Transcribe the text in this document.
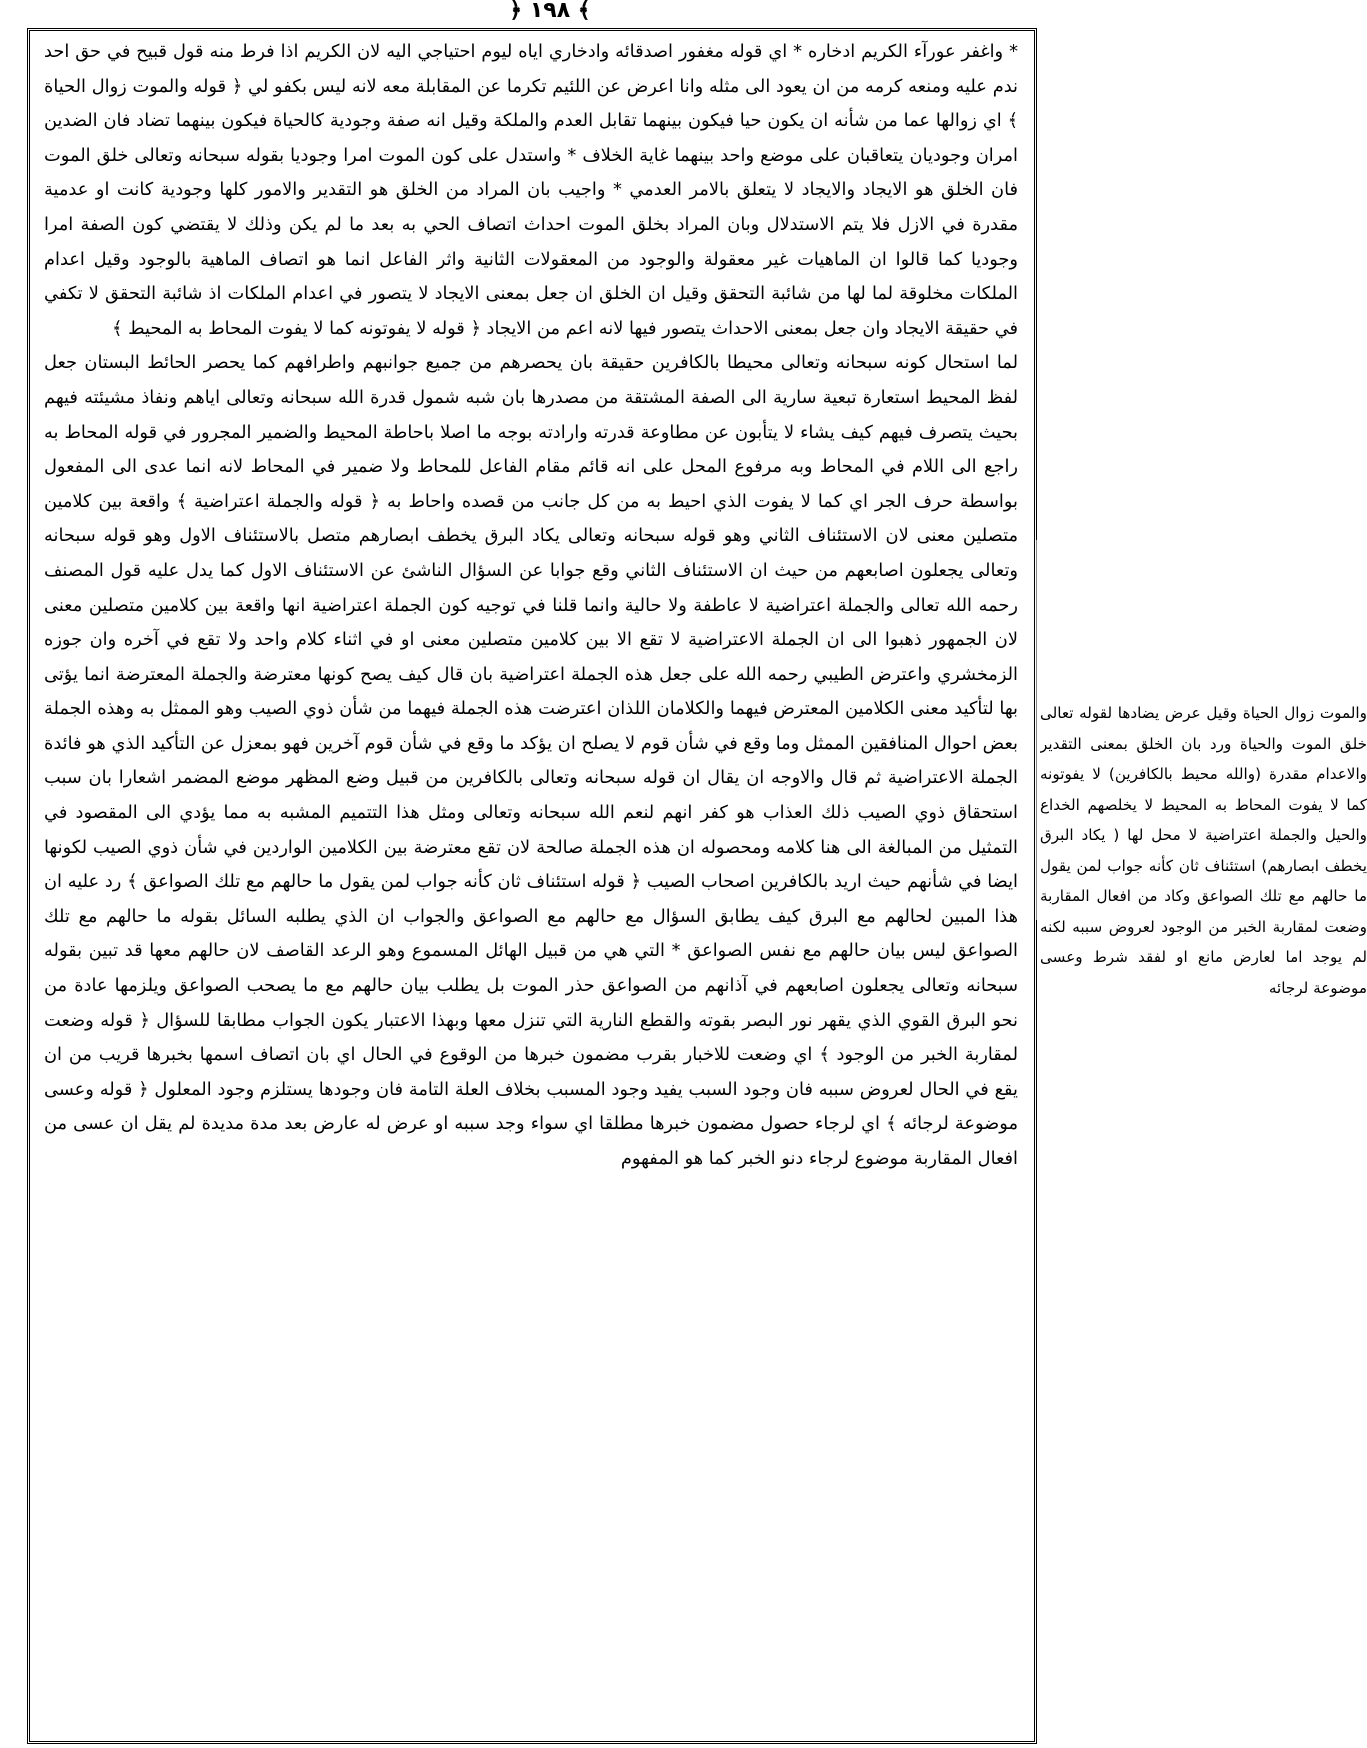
﴿ ١٩٨ ﴾

* واغفر عورآء الكريم ادخاره * اي قوله مغفور اصدقائه وادخاري اياه ليوم احتياجي اليه لان الكريم اذا فرط منه قول قبيح في حق احد ندم عليه ومنعه كرمه من ان يعود الى مثله وانا اعرض عن اللئيم تكرما عن المقابلة معه لانه ليس بكفو لي ﴿ قوله والموت زوال الحياة ﴾ اي زوالها عما من شأنه ان يكون حيا فيكون بينهما تقابل العدم والملكة وقيل انه صفة وجودية كالحياة فيكون بينهما تضاد فان الضدين امران وجوديان يتعاقبان على موضع واحد بينهما غاية الخلاف * واستدل على كون الموت امرا وجوديا بقوله سبحانه وتعالى خلق الموت فان الخلق هو الايجاد والايجاد لا يتعلق بالامر العدمي * واجيب بان المراد من الخلق هو التقدير والامور كلها وجودية كانت او عدمية مقدرة في الازل فلا يتم الاستدلال وبان المراد بخلق الموت احداث اتصاف الحي به بعد ما لم يكن وذلك لا يقتضي كون الصفة امرا وجوديا كما قالوا ان الماهيات غير معقولة والوجود من المعقولات الثانية واثر الفاعل انما هو اتصاف الماهية بالوجود وقيل اعدام الملكات مخلوقة لما لها من شائبة التحقق وقيل ان الخلق ان جعل بمعنى الايجاد لا يتصور في اعدام الملكات اذ شائبة التحقق لا تكفي في حقيقة الايجاد وان جعل بمعنى الاحداث يتصور فيها لانه اعم من الايجاد ﴿ قوله لا يفوتونه كما لا يفوت المحاط به المحيط ﴾

لما استحال كونه سبحانه وتعالى محيطا بالكافرين حقيقة بان يحصرهم من جميع جوانبهم واطرافهم كما يحصر الحائط البستان جعل لفظ المحيط استعارة تبعية سارية الى الصفة المشتقة من مصدرها بان شبه شمول قدرة الله سبحانه وتعالى اياهم ونفاذ مشيئته فيهم بحيث يتصرف فيهم كيف يشاء لا يتأبون عن مطاوعة قدرته وارادته بوجه ما اصلا باحاطة المحيط والضمير المجرور في قوله المحاط به راجع الى اللام في المحاط وبه مرفوع المحل على انه قائم مقام الفاعل للمحاط ولا ضمير في المحاط لانه انما عدى الى المفعول بواسطة حرف الجر اي كما لا يفوت الذي احيط به من كل جانب من قصده واحاط به ﴿ قوله والجملة اعتراضية ﴾ واقعة بين كلامين متصلين معنى لان الاستئناف الثاني وهو قوله سبحانه وتعالى يكاد البرق يخطف ابصارهم متصل بالاستئناف الاول وهو قوله سبحانه وتعالى يجعلون اصابعهم من حيث ان الاستئناف الثاني وقع جوابا عن السؤال الناشئ عن الاستئناف الاول كما يدل عليه قول المصنف رحمه الله تعالى والجملة اعتراضية لا عاطفة ولا حالية وانما قلنا في توجيه كون الجملة اعتراضية انها واقعة بين كلامين متصلين معنى لان الجمهور ذهبوا الى ان الجملة الاعتراضية لا تقع الا بين كلامين متصلين معنى او في اثناء كلام واحد ولا تقع في آخره وان جوزه الزمخشري واعترض الطيبي رحمه الله على جعل هذه الجملة اعتراضية بان قال كيف يصح كونها معترضة والجملة المعترضة انما يؤتى بها لتأكيد معنى الكلامين المعترض فيهما والكلامان اللذان اعترضت هذه الجملة فيهما من شأن ذوي الصيب وهو الممثل به وهذه الجملة بعض احوال المنافقين الممثل وما وقع في شأن قوم لا يصلح ان يؤكد ما وقع في شأن قوم آخرين فهو بمعزل عن التأكيد الذي هو فائدة الجملة الاعتراضية ثم قال والاوجه ان يقال ان قوله سبحانه وتعالى بالكافرين من قبيل وضع المظهر موضع المضمر اشعارا بان سبب استحقاق ذوي الصيب ذلك العذاب هو كفر انهم لنعم الله سبحانه وتعالى ومثل هذا التتميم المشبه به مما يؤدي الى المقصود في التمثيل من المبالغة الى هنا كلامه ومحصوله ان هذه الجملة صالحة لان تقع معترضة بين الكلامين الواردين في شأن ذوي الصيب لكونها ايضا في شأنهم حيث اريد بالكافرين اصحاب الصيب ﴿ قوله استئناف ثان كأنه جواب لمن يقول ما حالهم مع تلك الصواعق ﴾ رد عليه ان هذا المبين لحالهم مع البرق كيف يطابق السؤال مع حالهم مع الصواعق والجواب ان الذي يطلبه السائل بقوله ما حالهم مع تلك الصواعق ليس بيان حالهم مع نفس الصواعق * التي هي من قبيل الهائل المسموع وهو الرعد القاصف لان حالهم معها قد تبين بقوله سبحانه وتعالى يجعلون اصابعهم في آذانهم من الصواعق حذر الموت بل يطلب بيان حالهم مع ما يصحب الصواعق ويلزمها عادة من نحو البرق القوي الذي يقهر نور البصر بقوته والقطع النارية التي تنزل معها وبهذا الاعتبار يكون الجواب مطابقا للسؤال ﴿ قوله وضعت لمقاربة الخبر من الوجود ﴾ اي وضعت للاخبار بقرب مضمون خبرها من الوقوع في الحال اي بان اتصاف اسمها بخبرها قريب من ان يقع في الحال لعروض سببه فان وجود السبب يفيد وجود المسبب بخلاف العلة التامة فان وجودها يستلزم وجود المعلول ﴿ قوله وعسى موضوعة لرجائه ﴾ اي لرجاء حصول مضمون خبرها مطلقا اي سواء وجد سببه او عرض له عارض بعد مدة مديدة لم يقل ان عسى من افعال المقاربة موضوع لرجاء دنو الخبر كما هو المفهوم

والموت زوال الحياة وقيل عرض يضادها لقوله تعالى خلق الموت والحياة ورد بان الخلق بمعنى التقدير والاعدام مقدرة (والله محيط بالكافرين) لا يفوتونه كما لا يفوت المحاط به المحيط لا يخلصهم الخداع والحيل والجملة اعتراضية لا محل لها ( يكاد البرق يخطف ابصارهم) استئناف ثان كأنه جواب لمن يقول ما حالهم مع تلك الصواعق وكاد من افعال المقاربة وضعت لمقاربة الخبر من الوجود لعروض سببه لكنه لم يوجد اما لعارض مانع او لفقد شرط وعسى موضوعة لرجائه
